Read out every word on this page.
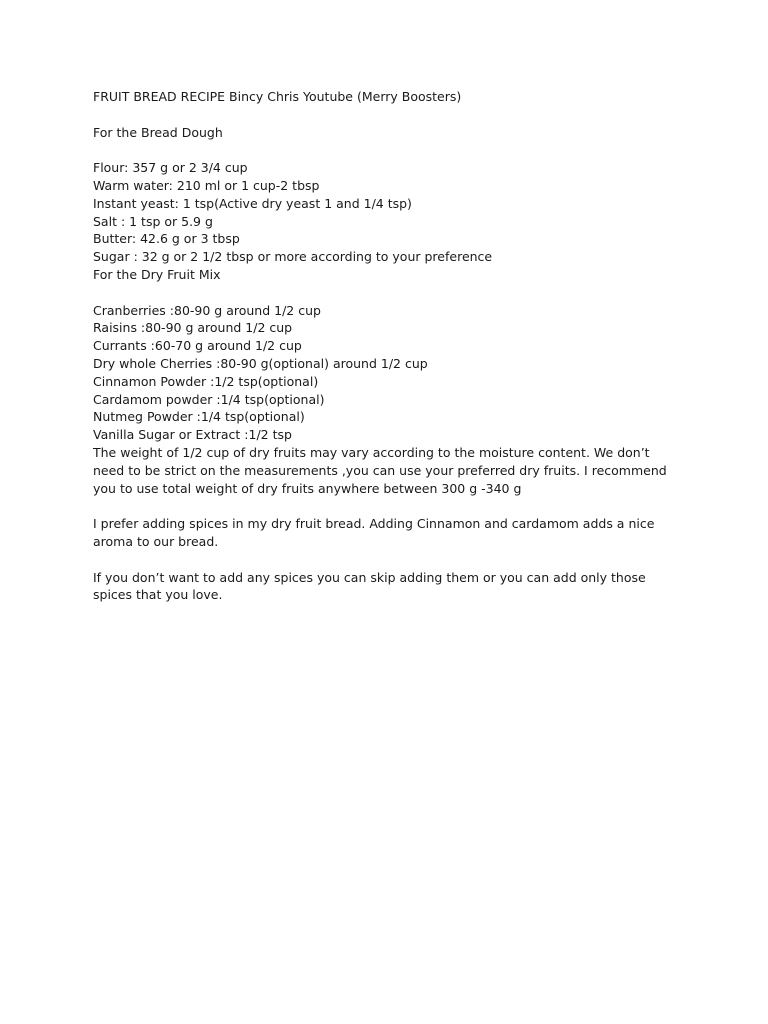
FRUIT BREAD RECIPE Bincy Chris Youtube (Merry Boosters)

For the Bread Dough

Flour: 357 g or 2 3/4 cup

Warm water: 210 ml or 1 cup-2 tbsp

Instant yeast: 1 tsp(Active dry yeast 1 and 1/4 tsp)

Salt : 1 tsp or 5.9 g

Butter: 42.6 g or 3 tbsp

Sugar : 32 g or 2 1/2 tbsp or more according to your preference

For the Dry Fruit Mix

Cranberries :80-90 g around 1/2 cup

Raisins :80-90 g around 1/2 cup

Currants :60-70 g around 1/2 cup

Dry whole Cherries :80-90 g(optional) around 1/2 cup

Cinnamon Powder :1/2 tsp(optional)

Cardamom powder :1/4 tsp(optional)

Nutmeg Powder :1/4 tsp(optional)

Vanilla Sugar or Extract :1/2 tsp

The weight of 1/2 cup of dry fruits may vary according to the moisture content. We don’t

need to be strict on the measurements ,you can use your preferred dry fruits. I recommend

you to use total weight of dry fruits anywhere between 300 g -340 g

I prefer adding spices in my dry fruit bread. Adding Cinnamon and cardamom adds a nice

aroma to our bread.

If you don’t want to add any spices you can skip adding them or you can add only those

spices that you love.
